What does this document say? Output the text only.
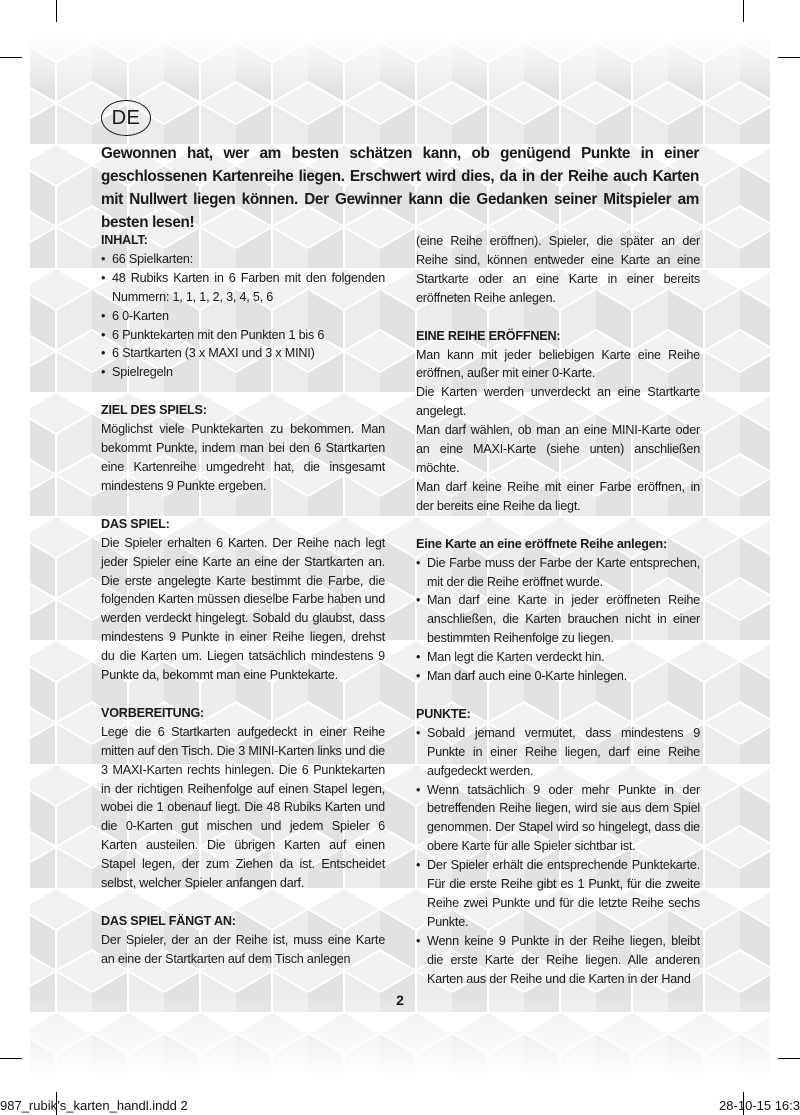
DE
Gewonnen hat, wer am besten schätzen kann, ob genügend Punkte in einer geschlossenen Kartenreihe liegen. Erschwert wird dies, da in der Reihe auch Karten mit Nullwert liegen können. Der Gewinner kann die Gedanken seiner Mitspieler am besten lesen!

INHALT:

• 66 Spielkarten:
• 48 Rubiks Karten in 6 Farben mit den folgenden Nummern: 1, 1, 1, 2, 3, 4, 5, 6
• 6 0-Karten
• 6 Punktekarten mit den Punkten 1 bis 6
• 6 Startkarten (3 x MAXI und 3 x MINI)
• Spielregeln

ZIEL DES SPIELS:

Möglichst viele Punktekarten zu bekommen. Man bekommt Punkte, indem man bei den 6 Startkarten eine Kartenreihe umgedreht hat, die insgesamt mindestens 9 Punkte ergeben.

DAS SPIEL:

Die Spieler erhalten 6 Karten. Der Reihe nach legt jeder Spieler eine Karte an eine der Startkarten an. Die erste angelegte Karte bestimmt die Farbe, die folgenden Karten müssen dieselbe Farbe haben und werden verdeckt hingelegt. Sobald du glaubst, dass mindestens 9 Punkte in einer Reihe liegen, drehst du die Karten um. Liegen tatsächlich mindestens 9 Punkte da, bekommt man eine Punktekarte.

VORBEREITUNG:

Lege die 6 Startkarten aufgedeckt in einer Reihe mitten auf den Tisch. Die 3 MINI-Karten links und die 3 MAXI-Karten rechts hinlegen. Die 6 Punktekarten in der richtigen Reihenfolge auf einen Stapel legen, wobei die 1 obenauf liegt. Die 48 Rubiks Karten und die 0-Karten gut mischen und jedem Spieler 6 Karten austeilen. Die übrigen Karten auf einen Stapel legen, der zum Ziehen da ist. Entscheidet selbst, welcher Spieler anfangen darf.

DAS SPIEL FÄNGT AN:

Der Spieler, der an der Reihe ist, muss eine Karte an eine der Startkarten auf dem Tisch anlegen

(eine Reihe eröffnen). Spieler, die später an der Reihe sind, können entweder eine Karte an eine Startkarte oder an eine Karte in einer bereits eröffneten Reihe anlegen.

EINE REIHE ERÖFFNEN:

Man kann mit jeder beliebigen Karte eine Reihe eröffnen, außer mit einer 0-Karte.

Die Karten werden unverdeckt an eine Startkarte angelegt.

Man darf wählen, ob man an eine MINI-Karte oder an eine MAXI-Karte (siehe unten) anschließen möchte.

Man darf keine Reihe mit einer Farbe eröffnen, in der bereits eine Reihe da liegt.

Eine Karte an eine eröffnete Reihe anlegen:

• Die Farbe muss der Farbe der Karte entsprechen, mit der die Reihe eröffnet wurde.
• Man darf eine Karte in jeder eröffneten Reihe anschließen, die Karten brauchen nicht in einer bestimmten Reihenfolge zu liegen.
• Man legt die Karten verdeckt hin.
• Man darf auch eine 0-Karte hinlegen.

PUNKTE:

• Sobald jemand vermutet, dass mindestens 9 Punkte in einer Reihe liegen, darf eine Reihe aufgedeckt werden.
• Wenn tatsächlich 9 oder mehr Punkte in der betreffenden Reihe liegen, wird sie aus dem Spiel genommen. Der Stapel wird so hingelegt, dass die obere Karte für alle Spieler sichtbar ist.
• Der Spieler erhält die entsprechende Punktekarte. Für die erste Reihe gibt es 1 Punkt, für die zweite Reihe zwei Punkte und für die letzte Reihe sechs Punkte.
• Wenn keine 9 Punkte in der Reihe liegen, bleibt die erste Karte der Reihe liegen. Alle anderen Karten aus der Reihe und die Karten in der Hand
2
987_rubik’s_karten_handl.indd 2	28-10-15 16:3
